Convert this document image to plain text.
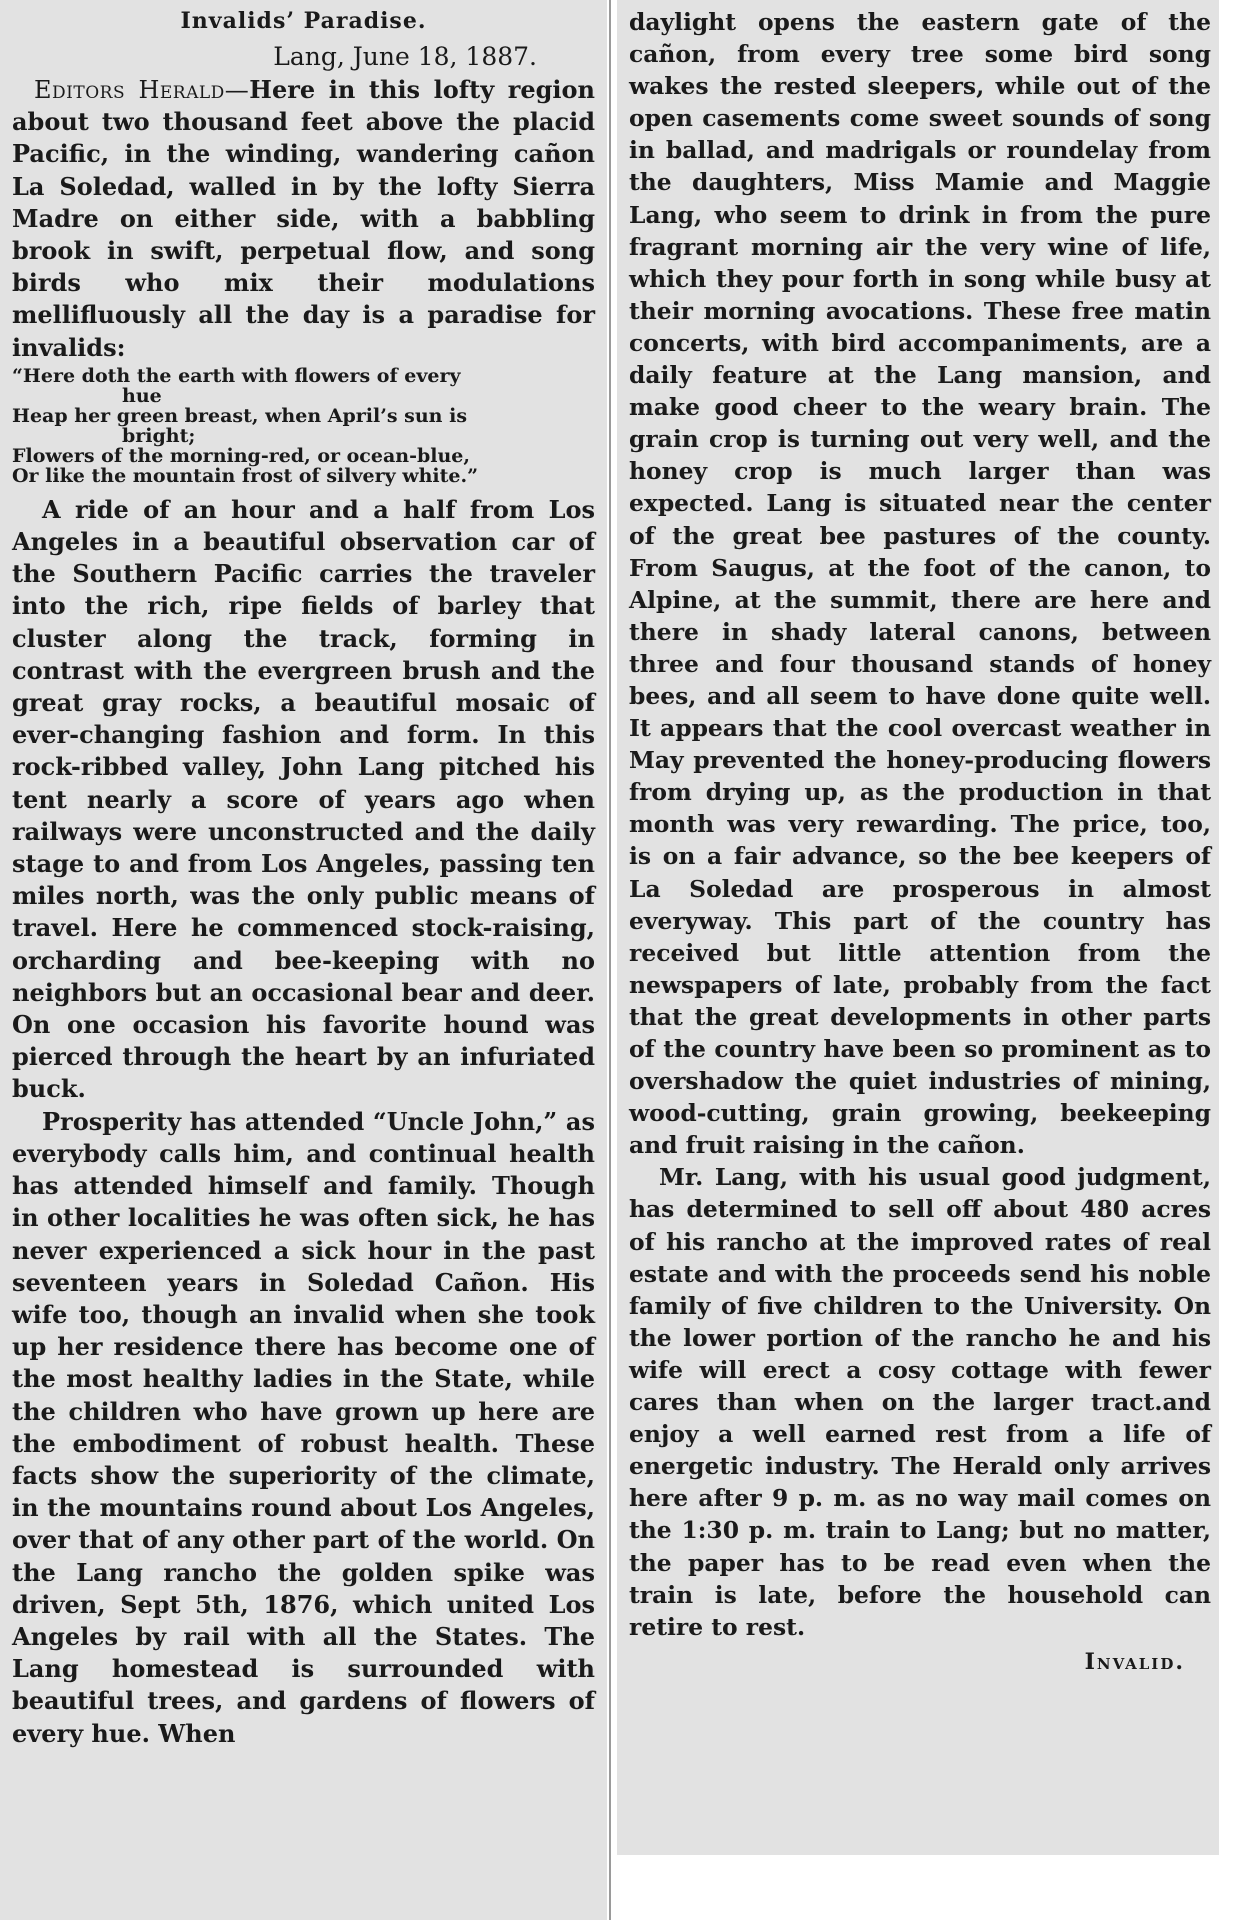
Invalids’ Paradise.
Lang, June 18, 1887.

Editors Herald—Here in this lofty region about two thousand feet above the placid Pacific, in the winding, wandering cañon La Soledad, walled in by the lofty Sierra Madre on either side, with a babbling brook in swift, perpetual flow, and song birds who mix their modulations mellifluously all the day is a paradise for invalids:

“Here doth the earth with flowers of every
hue
Heap her green breast, when April’s sun is
bright;
Flowers of the morning-red, or ocean-blue,
Or like the mountain frost of silvery white.”

A ride of an hour and a half from Los Angeles in a beautiful observation car of the Southern Pacific carries the traveler into the rich, ripe fields of barley that cluster along the track, forming in contrast with the evergreen brush and the great gray rocks, a beautiful mosaic of ever-changing fashion and form. In this rock-ribbed valley, John Lang pitched his tent nearly a score of years ago when railways were unconstructed and the daily stage to and from Los Angeles, passing ten miles north, was the only public means of travel. Here he commenced stock-raising, orcharding and bee-keeping with no neighbors but an occasional bear and deer. On one occasion his favorite hound was pierced through the heart by an infuriated buck.

Prosperity has attended “Uncle John,” as everybody calls him, and continual health has attended himself and family. Though in other localities he was often sick, he has never experienced a sick hour in the past seventeen years in Soledad Cañon. His wife too, though an invalid when she took up her residence there has become one of the most healthy ladies in the State, while the children who have grown up here are the embodiment of robust health. These facts show the superiority of the climate, in the mountains round about Los Angeles, over that of any other part of the world. On the Lang rancho the golden spike was driven, Sept 5th, 1876, which united Los Angeles by rail with all the States. The Lang homestead is surrounded with beautiful trees, and gardens of flowers of every hue. When

daylight opens the eastern gate of the cañon, from every tree some bird song wakes the rested sleepers, while out of the open casements come sweet sounds of song in ballad, and madrigals or roundelay from the daughters, Miss Mamie and Maggie Lang, who seem to drink in from the pure fragrant morning air the very wine of life, which they pour forth in song while busy at their morning avocations. These free matin concerts, with bird accompaniments, are a daily feature at the Lang mansion, and make good cheer to the weary brain. The grain crop is turning out very well, and the honey crop is much larger than was expected. Lang is situated near the center of the great bee pastures of the county. From Saugus, at the foot of the canon, to Alpine, at the summit, there are here and there in shady lateral canons, between three and four thousand stands of honey bees, and all seem to have done quite well. It appears that the cool overcast weather in May prevented the honey-producing flowers from drying up, as the production in that month was very rewarding. The price, too, is on a fair advance, so the bee keepers of La Soledad are prosperous in almost everyway. This part of the country has received but little attention from the newspapers of late, probably from the fact that the great developments in other parts of the country have been so prominent as to overshadow the quiet industries of mining, wood-cutting, grain growing, beekeeping and fruit raising in the cañon.

Mr. Lang, with his usual good judgment, has determined to sell off about 480 acres of his rancho at the improved rates of real estate and with the proceeds send his noble family of five children to the University. On the lower portion of the rancho he and his wife will erect a cosy cottage with fewer cares than when on the larger tract.and enjoy a well earned rest from a life of energetic industry. The Herald only arrives here after 9 p. m. as no way mail comes on the 1:30 p. m. train to Lang; but no matter, the paper has to be read even when the train is late, before the household can retire to rest.

Invalid.
